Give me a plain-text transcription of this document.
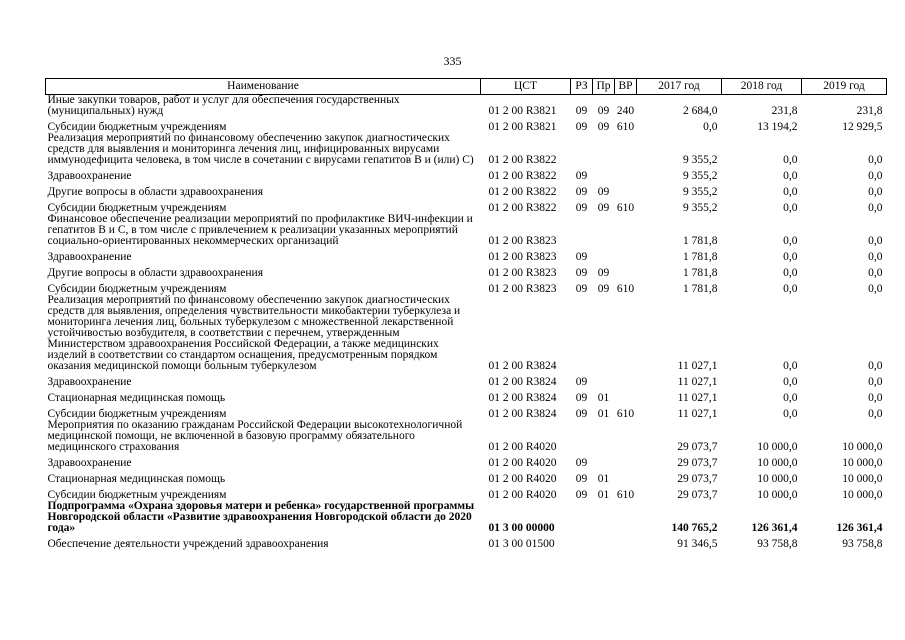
335
Наименование	ЦСТ	РЗ	Пр	ВР	2017 год	2018 год	2019 год
Иные закупки товаров, работ и услуг для обеспечения государственных (муниципальных) нужд	01 2 00 R3821	09	09	240	2 684,0	231,8	231,8
Субсидии бюджетным учреждениям	01 2 00 R3821	09	09	610	0,0	13 194,2	12 929,5
Реализация мероприятий по финансовому обеспечению закупок диагностических средств для выявления и мониторинга лечения лиц, инфицированных вирусами иммунодефицита человека, в том числе в сочетании с вирусами гепатитов В и (или) С)	01 2 00 R3822				9 355,2	0,0	0,0
Здравоохранение	01 2 00 R3822	09			9 355,2	0,0	0,0
Другие вопросы в области здравоохранения	01 2 00 R3822	09	09		9 355,2	0,0	0,0
Субсидии бюджетным учреждениям	01 2 00 R3822	09	09	610	9 355,2	0,0	0,0
Финансовое обеспечение реализации мероприятий по профилактике ВИЧ-инфекции и гепатитов В и С, в том числе с привлечением к реализации указанных мероприятий социально-ориентированных некоммерческих организаций	01 2 00 R3823				1 781,8	0,0	0,0
Здравоохранение	01 2 00 R3823	09			1 781,8	0,0	0,0
Другие вопросы в области здравоохранения	01 2 00 R3823	09	09		1 781,8	0,0	0,0
Субсидии бюджетным учреждениям	01 2 00 R3823	09	09	610	1 781,8	0,0	0,0
Реализация мероприятий по финансовому обеспечению закупок диагностических средств для выявления, определения чувствительности микобактерии туберкулеза и мониторинга лечения лиц, больных туберкулезом с множественной лекарственной устойчивостью возбудителя, в соответствии с перечнем, утвержденным Министерством здравоохранения Российской Федерации, а также медицинских изделий в соответствии со стандартом оснащения, предусмотренным порядком оказания медицинской помощи больным туберкулезом	01 2 00 R3824				11 027,1	0,0	0,0
Здравоохранение	01 2 00 R3824	09			11 027,1	0,0	0,0
Стационарная медицинская помощь	01 2 00 R3824	09	01		11 027,1	0,0	0,0
Субсидии бюджетным учреждениям	01 2 00 R3824	09	01	610	11 027,1	0,0	0,0
Мероприятия по оказанию гражданам Российской Федерации высокотехнологичной медицинской помощи, не включенной в базовую программу обязательного медицинского страхования	01 2 00 R4020				29 073,7	10 000,0	10 000,0
Здравоохранение	01 2 00 R4020	09			29 073,7	10 000,0	10 000,0
Стационарная медицинская помощь	01 2 00 R4020	09	01		29 073,7	10 000,0	10 000,0
Субсидии бюджетным учреждениям	01 2 00 R4020	09	01	610	29 073,7	10 000,0	10 000,0
Подпрограмма «Охрана здоровья матери и ребенка» государственной программы Новгородской области «Развитие здравоохранения Новгородской области до 2020 года»	01 3 00 00000				140 765,2	126 361,4	126 361,4
Обеспечение деятельности учреждений здравоохранения	01 3 00 01500				91 346,5	93 758,8	93 758,8
